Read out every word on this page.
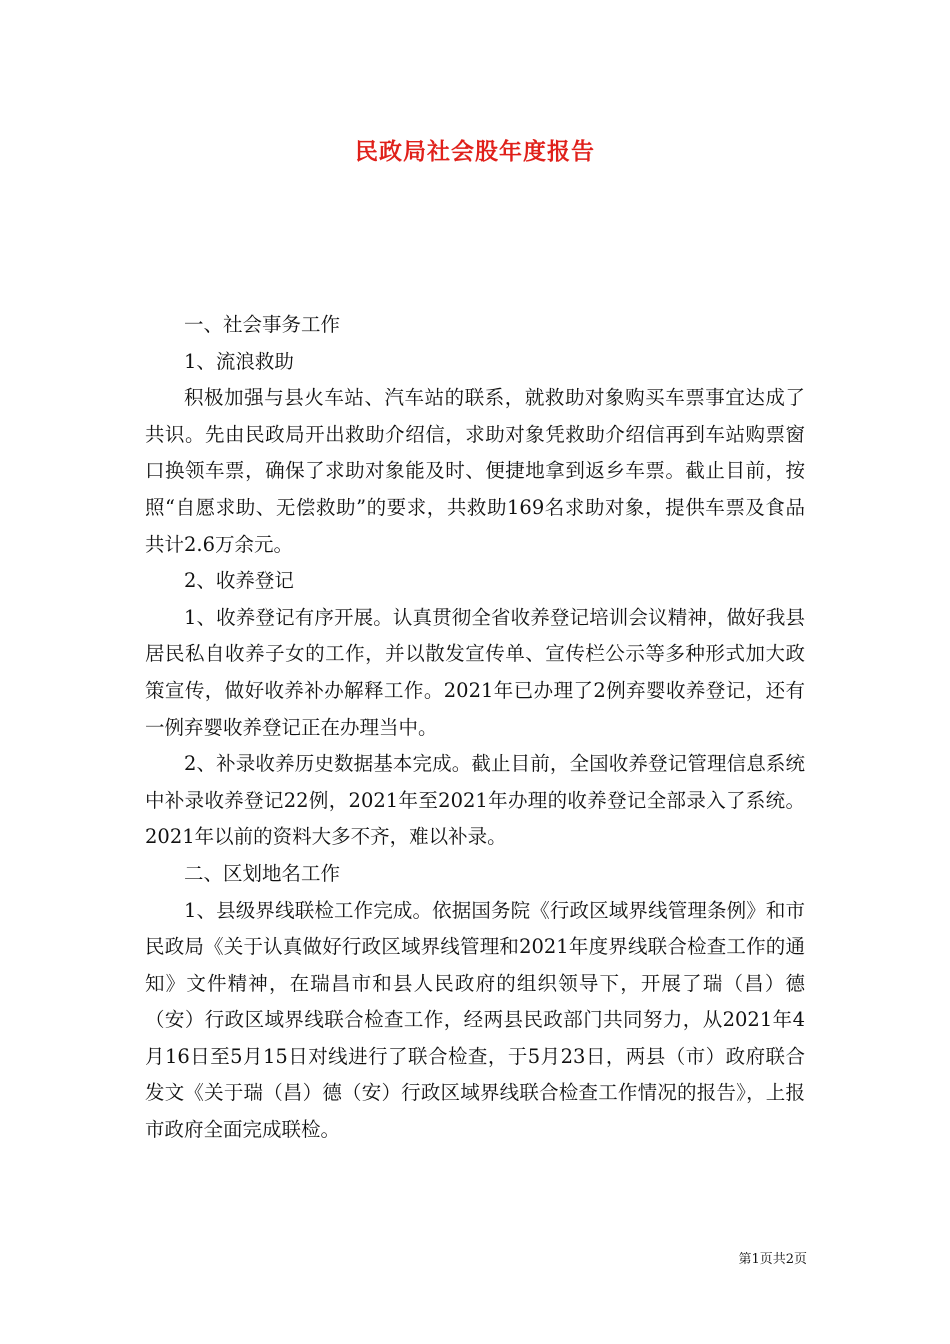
民政局社会股年度报告

一、社会事务工作

1、流浪救助

积极加强与县火车站、汽车站的联系，就救助对象购买车票事宜达成了共识。先由民政局开出救助介绍信，求助对象凭救助介绍信再到车站购票窗口换领车票，确保了求助对象能及时、便捷地拿到返乡车票。截止目前，按照“自愿求助、无偿救助”的要求，共救助169名求助对象，提供车票及食品共计2.6万余元。

2、收养登记

1、收养登记有序开展。认真贯彻全省收养登记培训会议精神，做好我县居民私自收养子女的工作，并以散发宣传单、宣传栏公示等多种形式加大政策宣传，做好收养补办解释工作。2021年已办理了2例弃婴收养登记，还有一例弃婴收养登记正在办理当中。

2、补录收养历史数据基本完成。截止目前，全国收养登记管理信息系统中补录收养登记22例，2021年至2021年办理的收养登记全部录入了系统。2021年以前的资料大多不齐，难以补录。

二、区划地名工作

1、县级界线联检工作完成。依据国务院《行政区域界线管理条例》和市民政局《关于认真做好行政区域界线管理和2021年度界线联合检查工作的通知》文件精神，在瑞昌市和县人民政府的组织领导下，开展了瑞（昌）德（安）行政区域界线联合检查工作，经两县民政部门共同努力，从2021年4月16日至5月15日对线进行了联合检查，于5月23日，两县（市）政府联合发文《关于瑞（昌）德（安）行政区域界线联合检查工作情况的报告》，上报市政府全面完成联检。

第1页共2页
